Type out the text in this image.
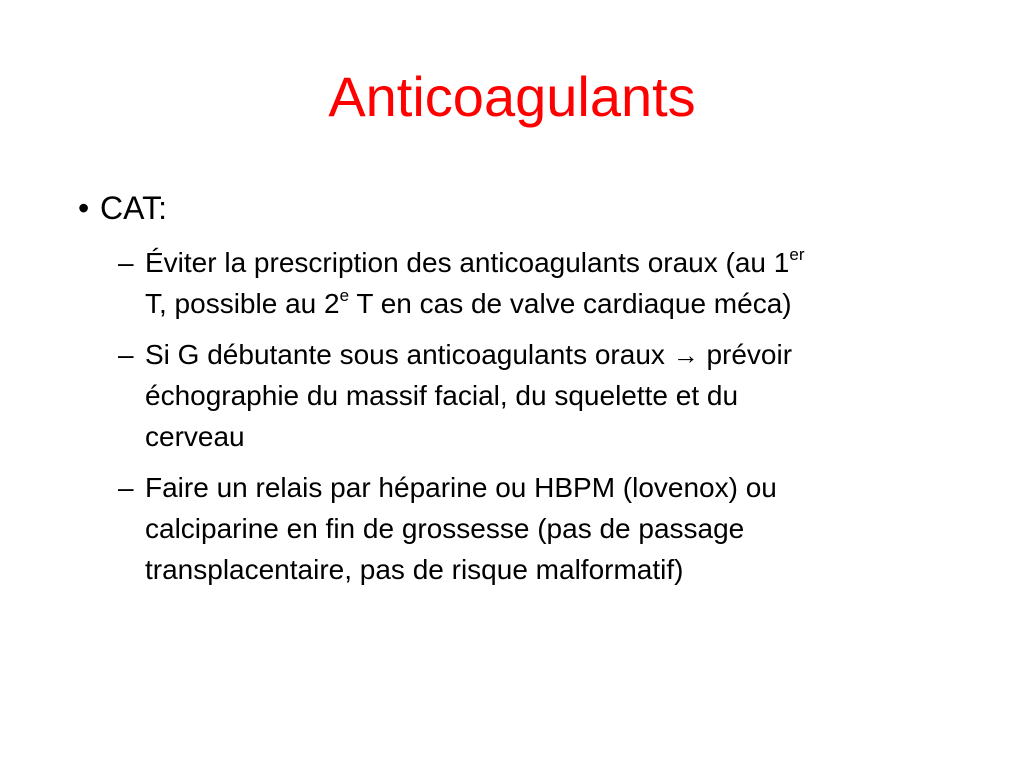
Anticoagulants
• CAT:
– Éviter la prescription des anticoagulants oraux (au 1er
T, possible au 2e T en cas de valve cardiaque méca)
– Si G débutante sous anticoagulants oraux → prévoir
échographie du massif facial, du squelette et du
cerveau
– Faire un relais par héparine ou HBPM (lovenox) ou
calciparine en fin de grossesse (pas de passage
transplacentaire, pas de risque malformatif)
